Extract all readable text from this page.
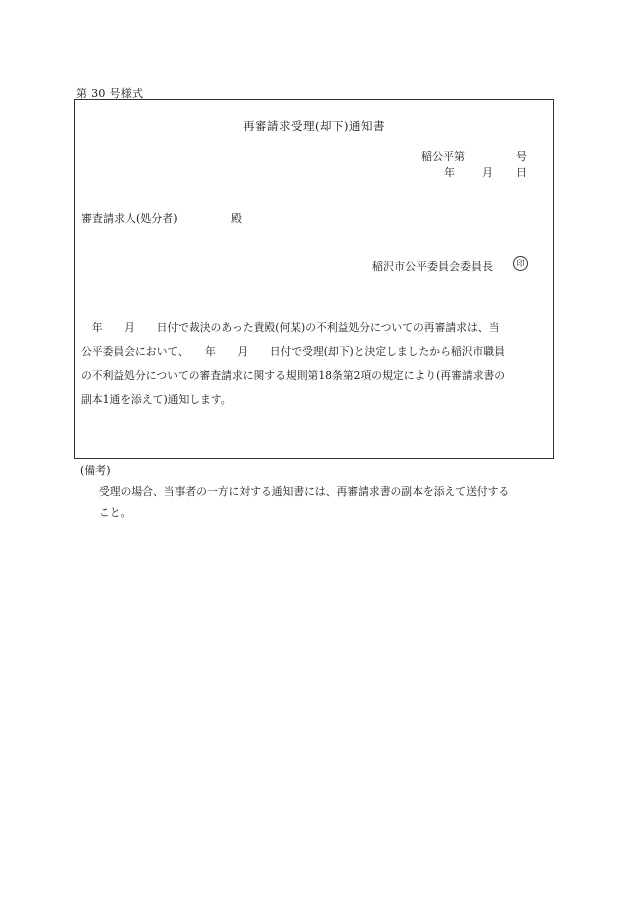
第 30 号様式
再審請求受理(却下)通知書
稲公平第	号
年 月 日
審査請求人(処分者)	殿
稲沢市公平委員会委員長	印
　年　　月　　日付で裁決のあった貴殿(何某)の不利益処分についての再審請求は、当
公平委員会において、　　年　　月　　日付で受理(却下)と決定しましたから稲沢市職員
の不利益処分についての審査請求に関する規則第18条第2項の規定により(再審請求書の
副本1通を添えて)通知します。
(備考)
受理の場合、当事者の一方に対する通知書には、再審請求書の副本を添えて送付する
こと。
